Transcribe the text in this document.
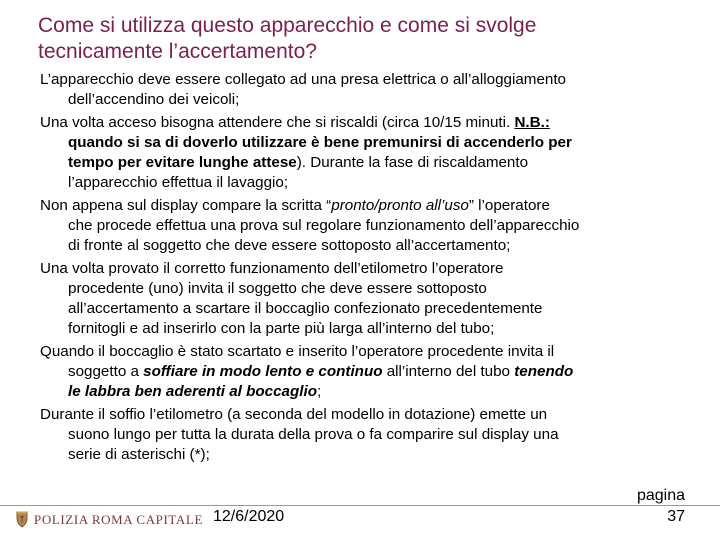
Come si utilizza questo apparecchio e come si svolge
tecnicamente l’accertamento?
L’apparecchio deve essere collegato ad una presa elettrica o all’alloggiamento
dell’accendino dei veicoli;
Una volta acceso bisogna attendere che si riscaldi (circa 10/15 minuti. N.B.:
quando si sa di doverlo utilizzare è bene premunirsi di accenderlo per
tempo per evitare lunghe attese). Durante la fase di riscaldamento
l’apparecchio effettua il lavaggio;
Non appena sul display compare la scritta “pronto/pronto all’uso” l’operatore
che procede effettua una prova sul regolare funzionamento dell’apparecchio
di fronte al soggetto che deve essere sottoposto all’accertamento;
Una volta provato il corretto funzionamento dell’etilometro l’operatore
procedente (uno) invita il soggetto che deve essere sottoposto
all’accertamento a scartare il boccaglio confezionato precedentemente
fornitogli e ad inserirlo con la parte più larga all’interno del tubo;
Quando il boccaglio è stato scartato e inserito l’operatore procedente invita il
soggetto a soffiare in modo lento e continuo all’interno del tubo tenendo
le labbra ben aderenti al boccaglio;
Durante il soffio l’etilometro (a seconda del modello in dotazione) emette un
suono lungo per tutta la durata della prova o fa comparire sul display una
serie di asterischi (*);
POLIZIA ROMA CAPITALE 12/6/2020
pagina
37
